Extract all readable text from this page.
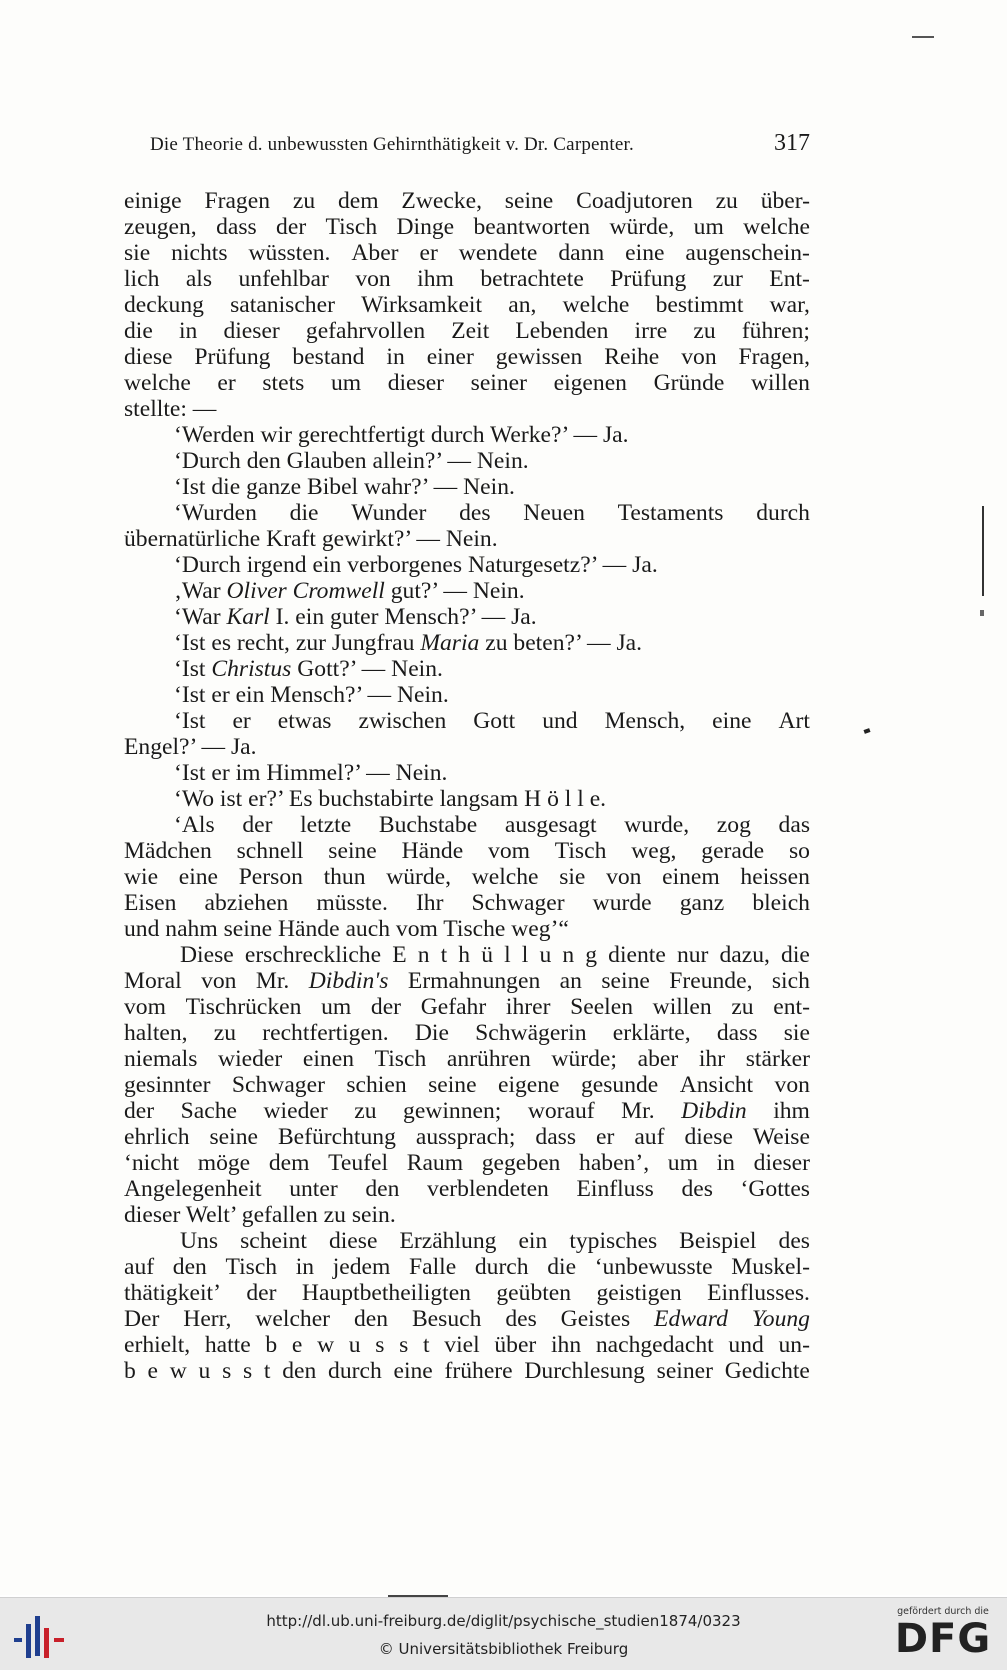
Die Theorie d. unbewussten Gehirnthätigkeit v. Dr. Carpenter.	317
einige Fragen zu dem Zwecke, seine Coadjutoren zu über-
zeugen, dass der Tisch Dinge beantworten würde, um welche
sie nichts wüssten. Aber er wendete dann eine augenschein-
lich als unfehlbar von ihm betrachtete Prüfung zur Ent-
deckung satanischer Wirksamkeit an, welche bestimmt war,
die in dieser gefahrvollen Zeit Lebenden irre zu führen;
diese Prüfung bestand in einer gewissen Reihe von Fragen,
welche er stets um dieser seiner eigenen Gründe willen
stellte: —
‘Werden wir gerechtfertigt durch Werke?’ — Ja.
‘Durch den Glauben allein?’ — Nein.
‘Ist die ganze Bibel wahr?’ — Nein.
‘Wurden die Wunder des Neuen Testaments durch
übernatürliche Kraft gewirkt?’ — Nein.
‘Durch irgend ein verborgenes Naturgesetz?’ — Ja.
‚War Oliver Cromwell gut?’ — Nein.
‘War Karl I. ein guter Mensch?’ — Ja.
‘Ist es recht, zur Jungfrau Maria zu beten?’ — Ja.
‘Ist Christus Gott?’ — Nein.
‘Ist er ein Mensch?’ — Nein.
‘Ist er etwas zwischen Gott und Mensch, eine Art
Engel?’ — Ja.
‘Ist er im Himmel?’ — Nein.
‘Wo ist er?’ Es buchstabirte langsam H ö l l e.
‘Als der letzte Buchstabe ausgesagt wurde, zog das
Mädchen schnell seine Hände vom Tisch weg, gerade so
wie eine Person thun würde, welche sie von einem heissen
Eisen abziehen müsste. Ihr Schwager wurde ganz bleich
und nahm seine Hände auch vom Tische weg’“
Diese erschreckliche E n t h ü l l u n g diente nur dazu, die
Moral von Mr. Dibdin's Ermahnungen an seine Freunde, sich
vom Tischrücken um der Gefahr ihrer Seelen willen zu ent-
halten, zu rechtfertigen. Die Schwägerin erklärte, dass sie
niemals wieder einen Tisch anrühren würde; aber ihr stärker
gesinnter Schwager schien seine eigene gesunde Ansicht von
der Sache wieder zu gewinnen; worauf Mr. Dibdin ihm
ehrlich seine Befürchtung aussprach; dass er auf diese Weise
‘nicht möge dem Teufel Raum gegeben haben’, um in dieser
Angelegenheit unter den verblendeten Einfluss des ‘Gottes
dieser Welt’ gefallen zu sein.
Uns scheint diese Erzählung ein typisches Beispiel des
auf den Tisch in jedem Falle durch die ‘unbewusste Muskel-
thätigkeit’ der Hauptbetheiligten geübten geistigen Einflusses.
Der Herr, welcher den Besuch des Geistes Edward Young
erhielt, hatte b e w u s s t viel über ihn nachgedacht und un-
b e w u s s t den durch eine frühere Durchlesung seiner Gedichte
http://dl.ub.uni-freiburg.de/diglit/psychische_studien1874/0323
© Universitätsbibliothek Freiburg
gefördert durch die
DFG
